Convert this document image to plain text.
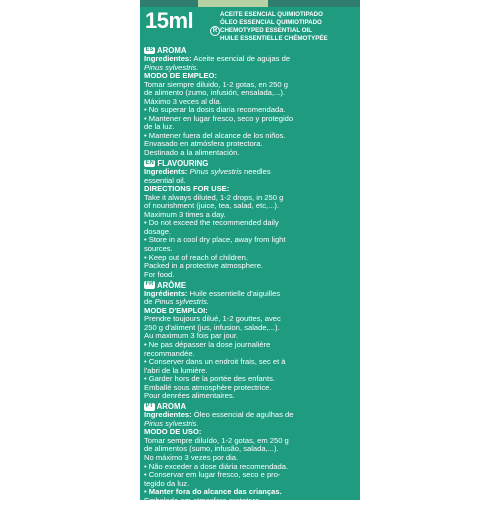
15ml	R
ACEITE ESENCIAL QUIMIOTIPADO
ÓLEO ESSENCIAL QUIMIOTIPADO
CHEMOTYPED ESSENTIAL OIL
HUILE ESSENTIELLE CHÉMOTYPÉE
ES AROMA
Ingredientes: Aceite esencial de agujas de
Pinus sylvestris.
MODO DE EMPLEO:
Tomar siempre diluido, 1-2 gotas, en 250 g
de alimento (zumo, infusión, ensalada,...).
Máximo 3 veces al día.
• No superar la dosis diaria recomendada.
• Mantener en lugar fresco, seco y protegido
de la luz.
• Mantener fuera del alcance de los niños.
Envasado en atmósfera protectora.
Destinado a la alimentación.
EN FLAVOURING
Ingredients: Pinus sylvestris needles
essential oil.
DIRECTIONS FOR USE:
Take it always diluted, 1-2 drops, in 250 g
of nourishment (juice, tea, salad, etc,...).
Maximum 3 times a day.
• Do not exceed the recommended daily
dosage.
• Store in a cool dry place, away from light
sources.
• Keep out of reach of children.
Packed in a protective atmosphere.
For food.
FR ARÔME
Ingrédients: Huile essentielle d'aiguilles
de Pinus sylvestris.
MODE D'EMPLOI:
Prendre toujours dilué, 1-2 gouttes, avec
250 g d'aliment (jus, infusion, salade,...).
Au maximum 3 fois par jour.
• Ne pas dépasser la dose journalière
recommandée.
• Conserver dans un endroit frais, sec et à
l'abri de la lumière.
• Garder hors de la portée des enfants.
Emballé sous atmosphère protectrice.
Pour denrées alimentaires.
PT AROMA
Ingredientes: Óleo essencial de agulhas de
Pinus sylvestris.
MODO DE USO:
Tomar sempre diluído, 1-2 gotas, em 250 g
de alimentos (sumo, infusão, salada,...).
No máximo 3 vezes por dia.
• Não exceder a dose diária recomendada.
• Conservar em lugar fresco, seco e pro-
tegido da luz.
• Manter fora do alcance das crianças.
Embalado em atmosfera protetora.
Para alimentos
